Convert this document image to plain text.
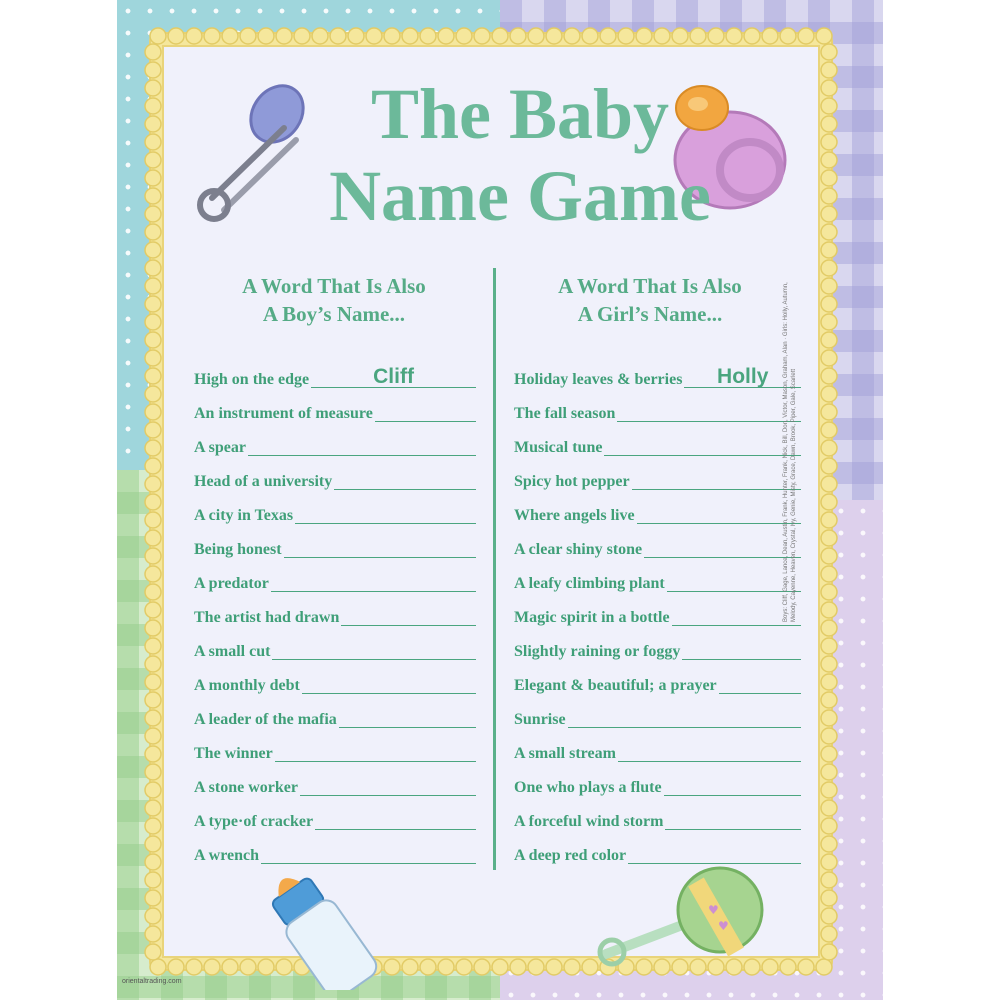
♥
♥
The Baby
Name Game
A Word That Is Also
A Boy’s Name...
A Word That Is Also
A Girl’s Name...
High on the edge	Cliff
An instrument of measure
A spear
Head of a university
A city in Texas
Being honest
A predator
The artist had drawn
A small cut
A monthly debt
A leader of the mafia
The winner
A stone worker
A type·of cracker
A wrench
Holiday leaves & berries	Holly
The fall season
Musical tune
Spicy hot pepper
Where angels live
A clear shiny stone
A leafy climbing plant
Magic spirit in a bottle
Slightly raining or foggy
Elegant & beautiful; a prayer
Sunrise
A small stream
One who plays a flute
A forceful wind storm
A deep red color
orientaltrading.com
Boys: Cliff, Gage, Lance, Dean, Austin, Frank, Hunter, Frank, Nick, Bill, Don, Victor, Mason, Graham, Alan · Girls: Holly, Autumn, Melody, Cayenne, Heaven, Crystal, Ivy, Genie, Misty, Grace, Dawn, Brook, Piper, Gale, Scarlett
